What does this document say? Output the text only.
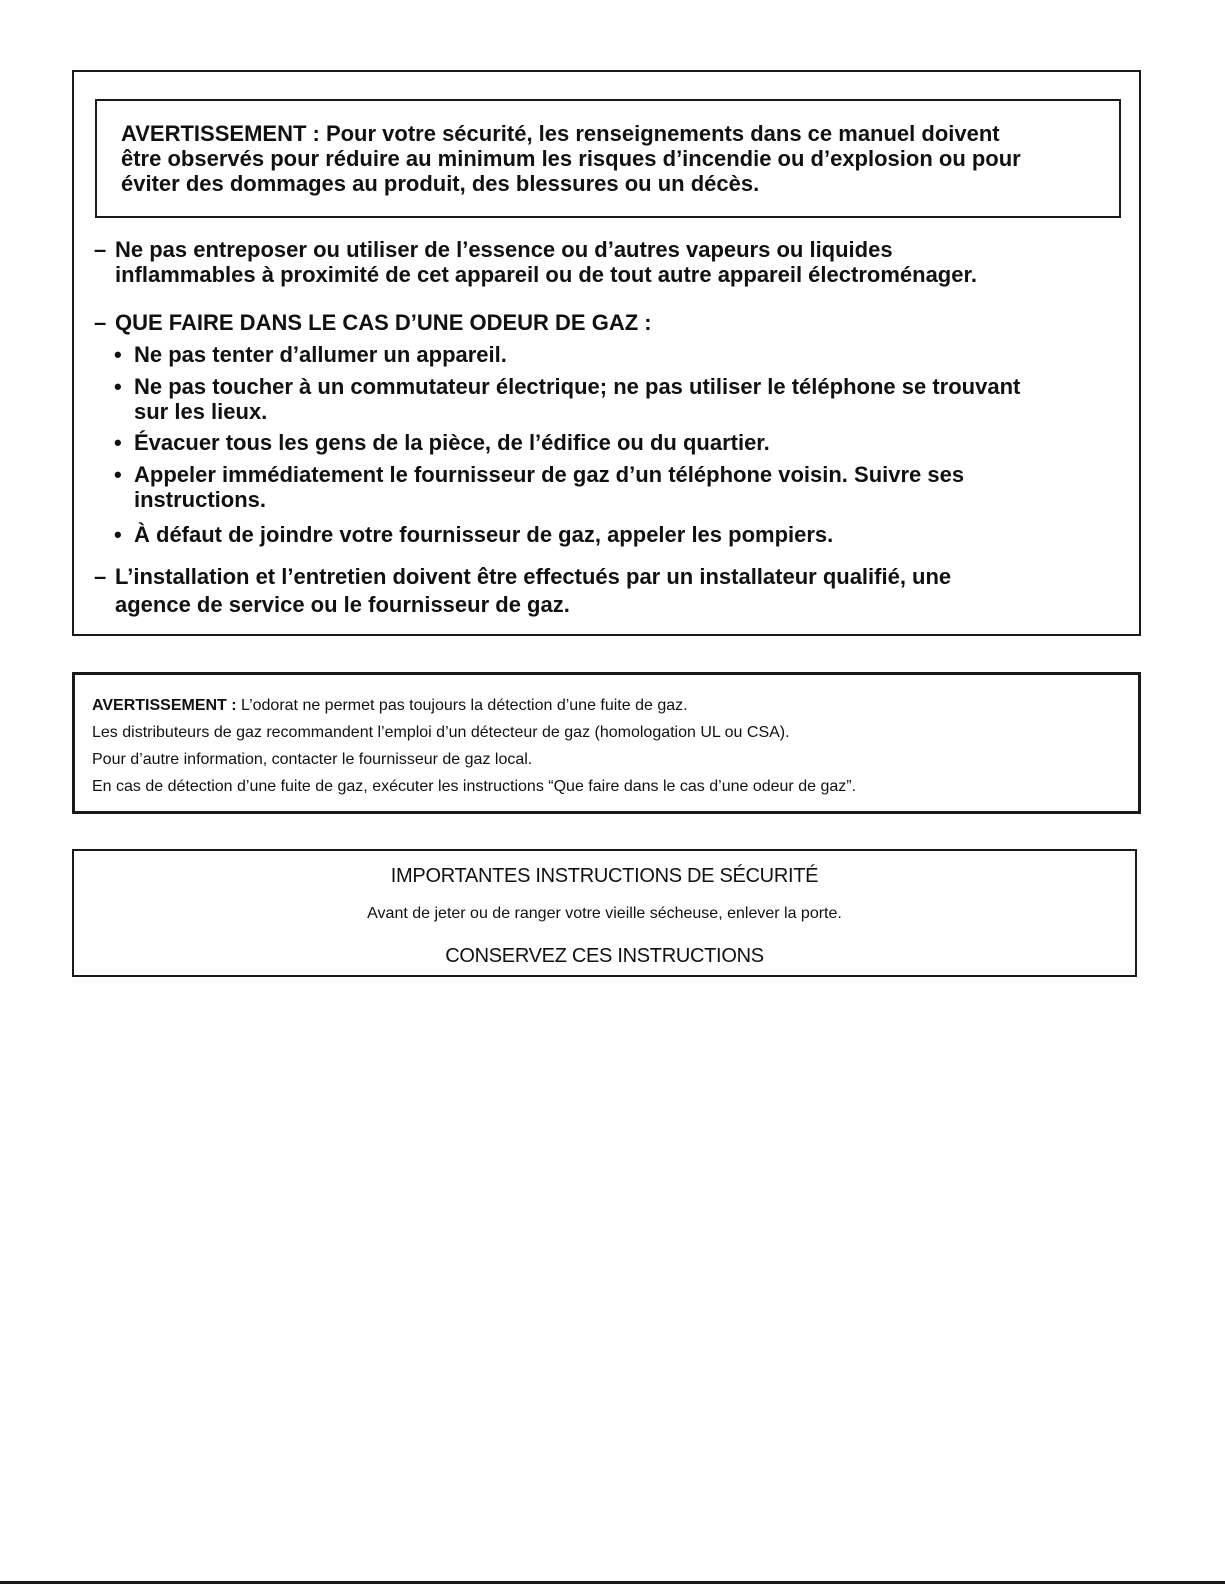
AVERTISSEMENT : Pour votre sécurité, les renseignements dans ce manuel doivent
être observés pour réduire au minimum les risques d’incendie ou d’explosion ou pour
éviter des dommages au produit, des blessures ou un décès.
– Ne pas entreposer ou utiliser de l’essence ou d’autres vapeurs ou liquides
inflammables à proximité de cet appareil ou de tout autre appareil électroménager.
– QUE FAIRE DANS LE CAS D’UNE ODEUR DE GAZ :
• Ne pas tenter d’allumer un appareil.
• Ne pas toucher à un commutateur électrique; ne pas utiliser le téléphone se trouvant
sur les lieux.
• Évacuer tous les gens de la pièce, de l’édifice ou du quartier.
• Appeler immédiatement le fournisseur de gaz d’un téléphone voisin. Suivre ses
instructions.
• À défaut de joindre votre fournisseur de gaz, appeler les pompiers.
– L’installation et l’entretien doivent être effectués par un installateur qualifié, une
agence de service ou le fournisseur de gaz.
AVERTISSEMENT : L’odorat ne permet pas toujours la détection d’une fuite de gaz.
Les distributeurs de gaz recommandent l’emploi d’un détecteur de gaz (homologation UL ou CSA).
Pour d’autre information, contacter le fournisseur de gaz local.
En cas de détection d’une fuite de gaz, exécuter les instructions “Que faire dans le cas d’une odeur de gaz”.
IMPORTANTES INSTRUCTIONS DE SÉCURITÉ
Avant de jeter ou de ranger votre vieille sécheuse, enlever la porte.
CONSERVEZ CES INSTRUCTIONS
